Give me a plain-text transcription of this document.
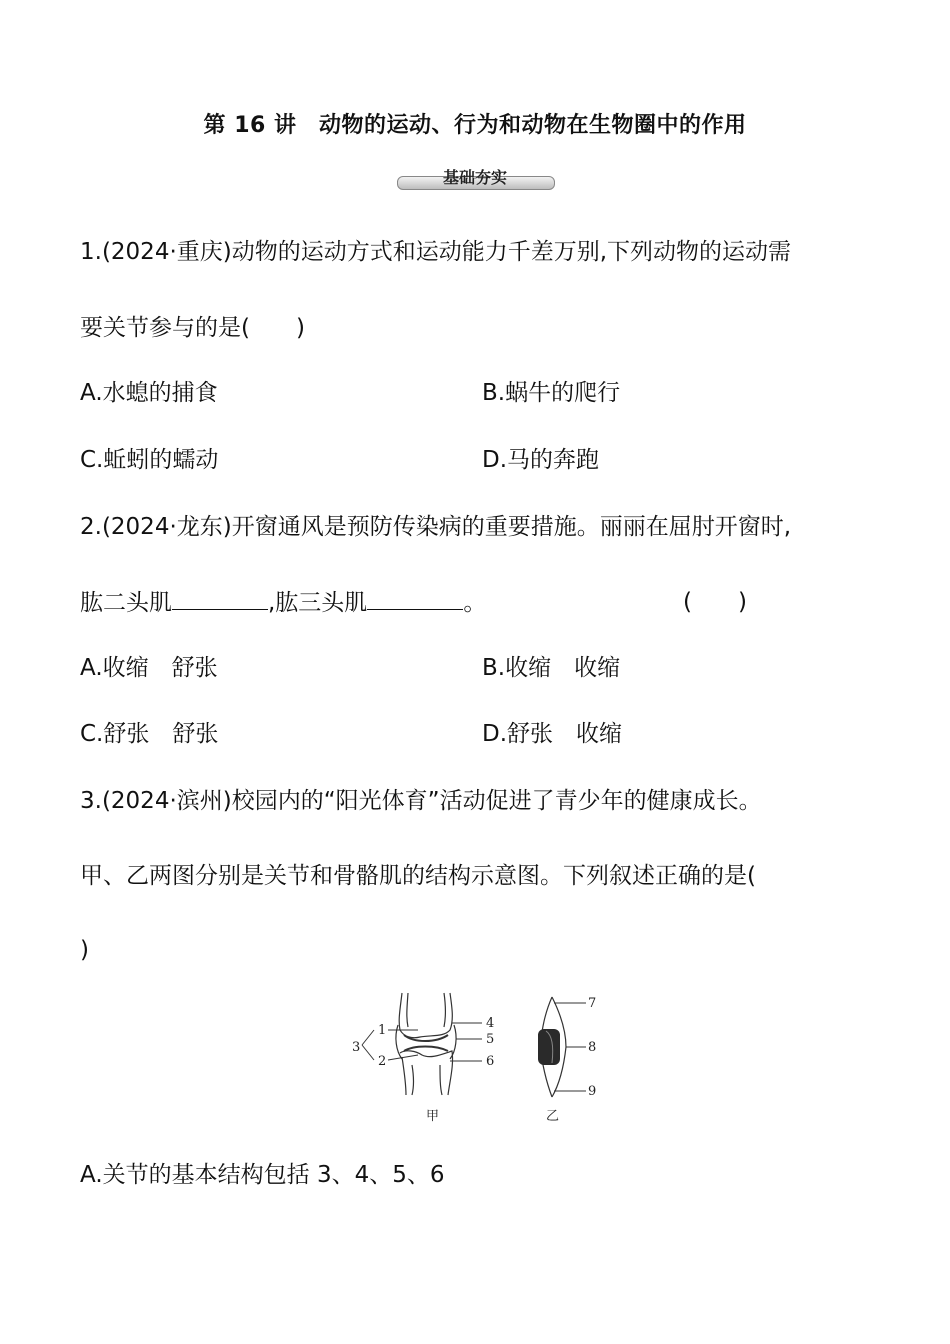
第 16 讲　动物的运动、行为和动物在生物圈中的作用
基础夯实
1.(2024·重庆)动物的运动方式和运动能力千差万别,下列动物的运动需
要关节参与的是(　　)
A.水螅的捕食	B.蜗牛的爬行
C.蚯蚓的蠕动	D.马的奔跑
2.(2024·龙东)开窗通风是预防传染病的重要措施。丽丽在屈肘开窗时,
肱二头肌	,肱三头肌	。	(　　)
A.收缩　舒张	B.收缩　收缩
C.舒张　舒张	D.舒张　收缩
3.(2024·滨州)校园内的“阳光体育”活动促进了青少年的健康成长。
甲、乙两图分别是关节和骨骼肌的结构示意图。下列叙述正确的是(
)
3
1
2
4
5
6
甲
7
8
9
乙
A.关节的基本结构包括 3、4、5、6
